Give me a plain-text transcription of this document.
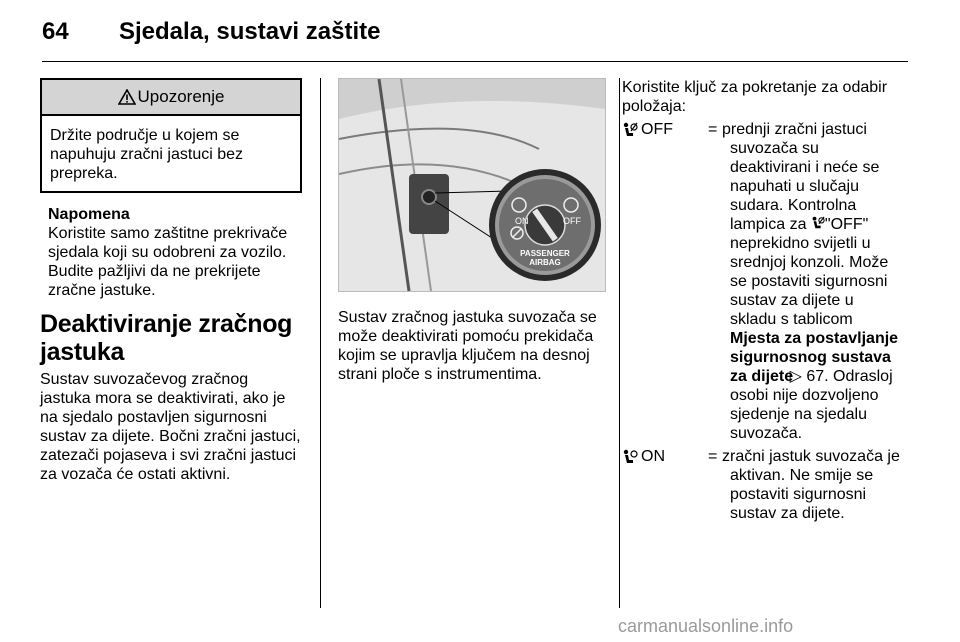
64 Sjedala, sustavi zaštite
Upozorenje
Držite područje u kojem se napuhuju zračni jastuci bez prepreka.
Napomena
Koristite samo zaštitne prekrivače sjedala koji su odobreni za vozilo. Budite pažljivi da ne prekrijete zračne jastuke.
Deaktiviranje zračnog jastuka
Sustav suvozačevog zračnog jastuka mora se deaktivirati, ako je na sjedalo postavljen sigurnosni sustav za dijete. Bočni zračni jastuci, zatezači pojaseva i svi zračni jastuci za vozača će ostati aktivni.
ON	OFF
PASSENGER
AIRBAG
Sustav zračnog jastuka suvozača se može deaktivirati pomoću prekidača kojim se upravlja ključem na desnoj strani ploče s instrumentima.
Koristite ključ za pokretanje za odabir položaja:
OFF = prednji zračni jastuci suvozača su deaktivirani i neće se napuhati u slučaju sudara. Kontrolna lampica za "OFF" neprekidno svijetli u srednjoj konzoli. Može se postaviti sigurnosni sustav za dijete u skladu s tablicom Mjesta za postavljanje sigurnosnog sustava za dijete ▷ 67. Odrasloj osobi nije dozvoljeno sjedenje na sjedalu suvozača.
ON	= zračni jastuk suvozača je aktivan. Ne smije se postaviti sigurnosni sustav za dijete.
carmanualsonline.info
